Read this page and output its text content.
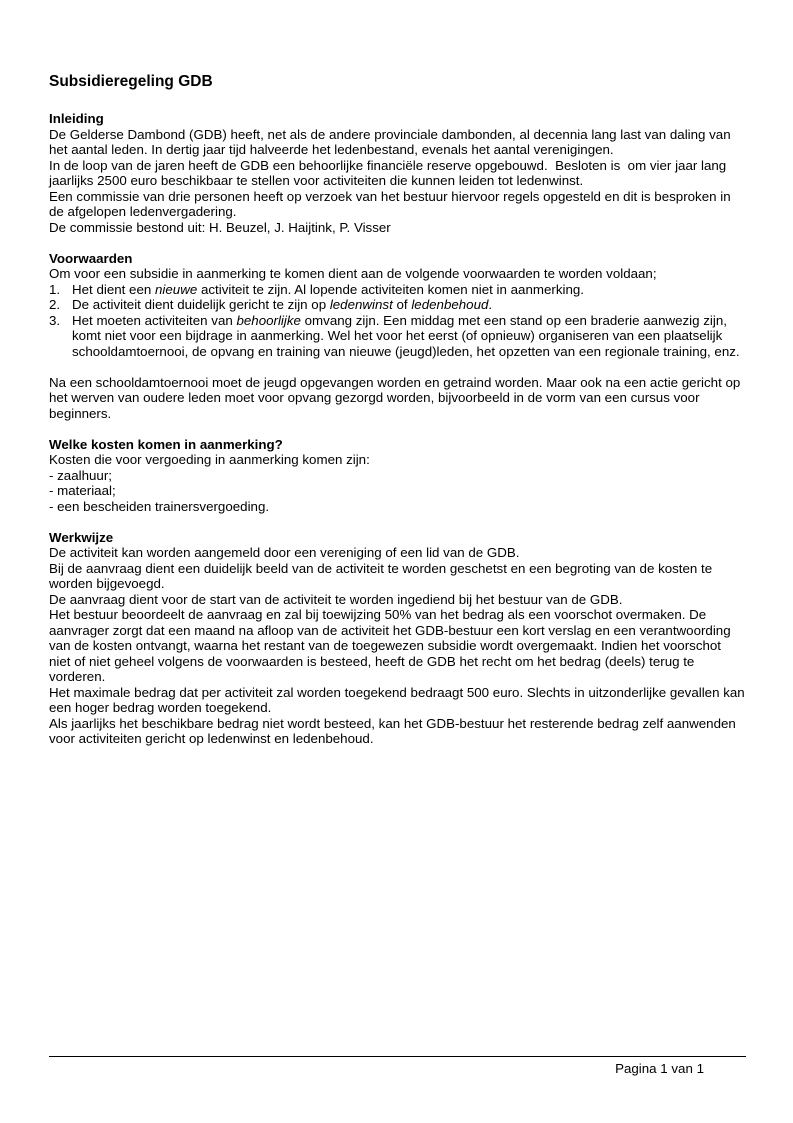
Subsidieregeling GDB
Inleiding

De Gelderse Dambond (GDB) heeft, net als de andere provinciale dambonden, al decennia lang last van daling van het aantal leden. In dertig jaar tijd halveerde het ledenbestand, evenals het aantal verenigingen.

In de loop van de jaren heeft de GDB een behoorlijke financiële reserve opgebouwd.  Besloten is  om vier jaar lang jaarlijks 2500 euro beschikbaar te stellen voor activiteiten die kunnen leiden tot ledenwinst.

Een commissie van drie personen heeft op verzoek van het bestuur hiervoor regels opgesteld en dit is besproken in de afgelopen ledenvergadering.

De commissie bestond uit: H. Beuzel, J. Haijtink, P. Visser

Voorwaarden

Om voor een subsidie in aanmerking te komen dient aan de volgende voorwaarden te worden voldaan;

1. Het dient een nieuwe activiteit te zijn. Al lopende activiteiten komen niet in aanmerking.
2. De activiteit dient duidelijk gericht te zijn op ledenwinst of ledenbehoud.
3. Het moeten activiteiten van behoorlijke omvang zijn. Een middag met een stand op een braderie aanwezig zijn, komt niet voor een bijdrage in aanmerking. Wel het voor het eerst (of opnieuw) organiseren van een plaatselijk schooldamtoernooi, de opvang en training van nieuwe (jeugd)leden, het opzetten van een regionale training, enz.

Na een schooldamtoernooi moet de jeugd opgevangen worden en getraind worden. Maar ook na een actie gericht op het werven van oudere leden moet voor opvang gezorgd worden, bijvoorbeeld in de vorm van een cursus voor beginners.

Welke kosten komen in aanmerking?

Kosten die voor vergoeding in aanmerking komen zijn:

- zaalhuur;

- materiaal;

- een bescheiden trainersvergoeding.

Werkwijze

De activiteit kan worden aangemeld door een vereniging of een lid van de GDB.

Bij de aanvraag dient een duidelijk beeld van de activiteit te worden geschetst en een begroting van de kosten te worden bijgevoegd.

De aanvraag dient voor de start van de activiteit te worden ingediend bij het bestuur van de GDB.

Het bestuur beoordeelt de aanvraag en zal bij toewijzing 50% van het bedrag als een voorschot overmaken. De aanvrager zorgt dat een maand na afloop van de activiteit het GDB-bestuur een kort verslag en een verantwoording van de kosten ontvangt, waarna het restant van de toegewezen subsidie wordt overgemaakt. Indien het voorschot niet of niet geheel volgens de voorwaarden is besteed, heeft de GDB het recht om het bedrag (deels) terug te vorderen.

Het maximale bedrag dat per activiteit zal worden toegekend bedraagt 500 euro. Slechts in uitzonderlijke gevallen kan een hoger bedrag worden toegekend.

Als jaarlijks het beschikbare bedrag niet wordt besteed, kan het GDB-bestuur het resterende bedrag zelf aanwenden voor activiteiten gericht op ledenwinst en ledenbehoud.

Pagina 1 van 1
